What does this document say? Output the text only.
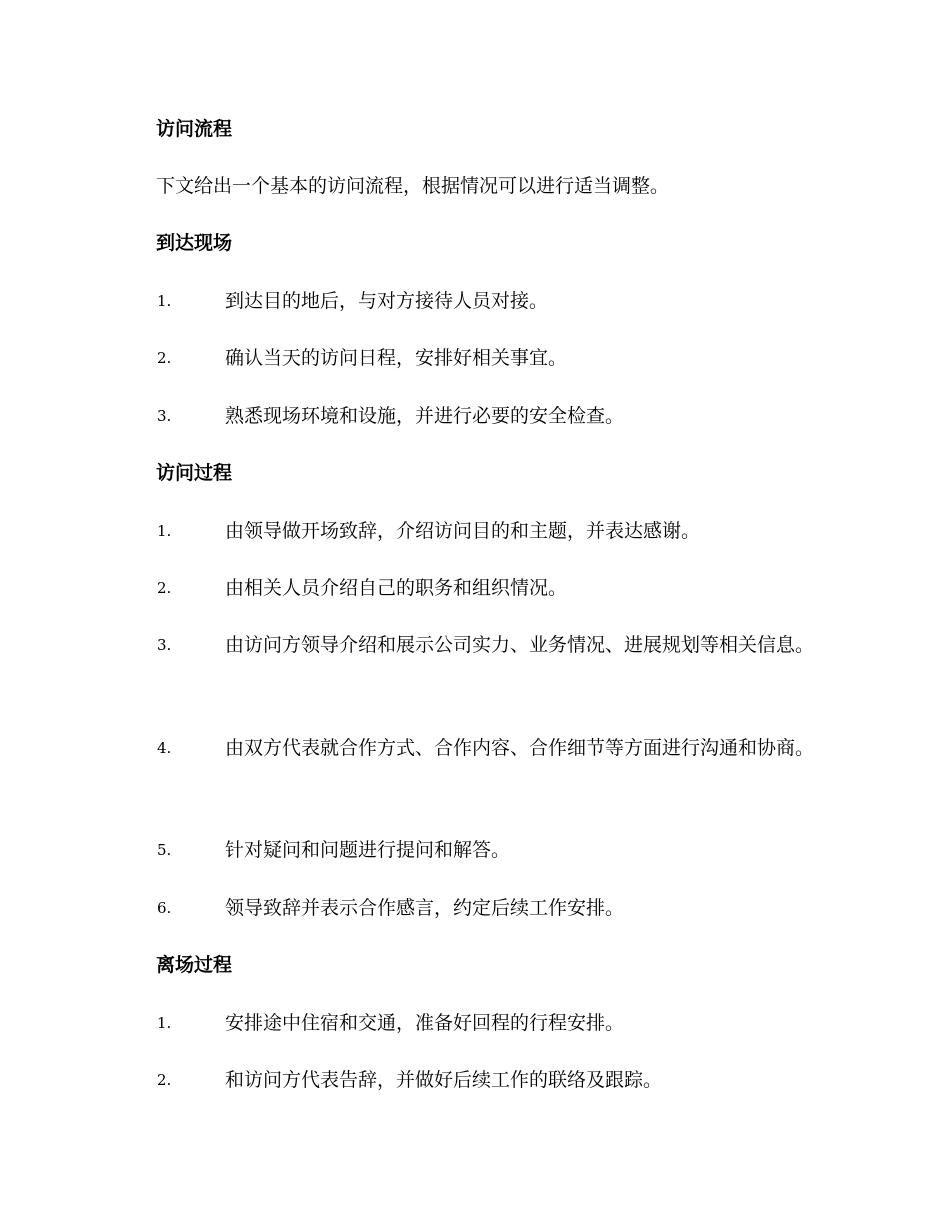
访问流程
下文给出一个基本的访问流程，根据情况可以进行适当调整。
到达现场
1.	到达目的地后，与对方接待人员对接。
2.	确认当天的访问日程，安排好相关事宜。
3.	熟悉现场环境和设施，并进行必要的安全检查。
访问过程
1.	由领导做开场致辞，介绍访问目的和主题，并表达感谢。
2.	由相关人员介绍自己的职务和组织情况。
3.	由访问方领导介绍和展示公司实力、业务情况、进展规划等相关信息。
4.	由双方代表就合作方式、合作内容、合作细节等方面进行沟通和协商。
5.	针对疑问和问题进行提问和解答。
6.	领导致辞并表示合作感言，约定后续工作安排。
离场过程
1.	安排途中住宿和交通，准备好回程的行程安排。
2.	和访问方代表告辞，并做好后续工作的联络及跟踪。
